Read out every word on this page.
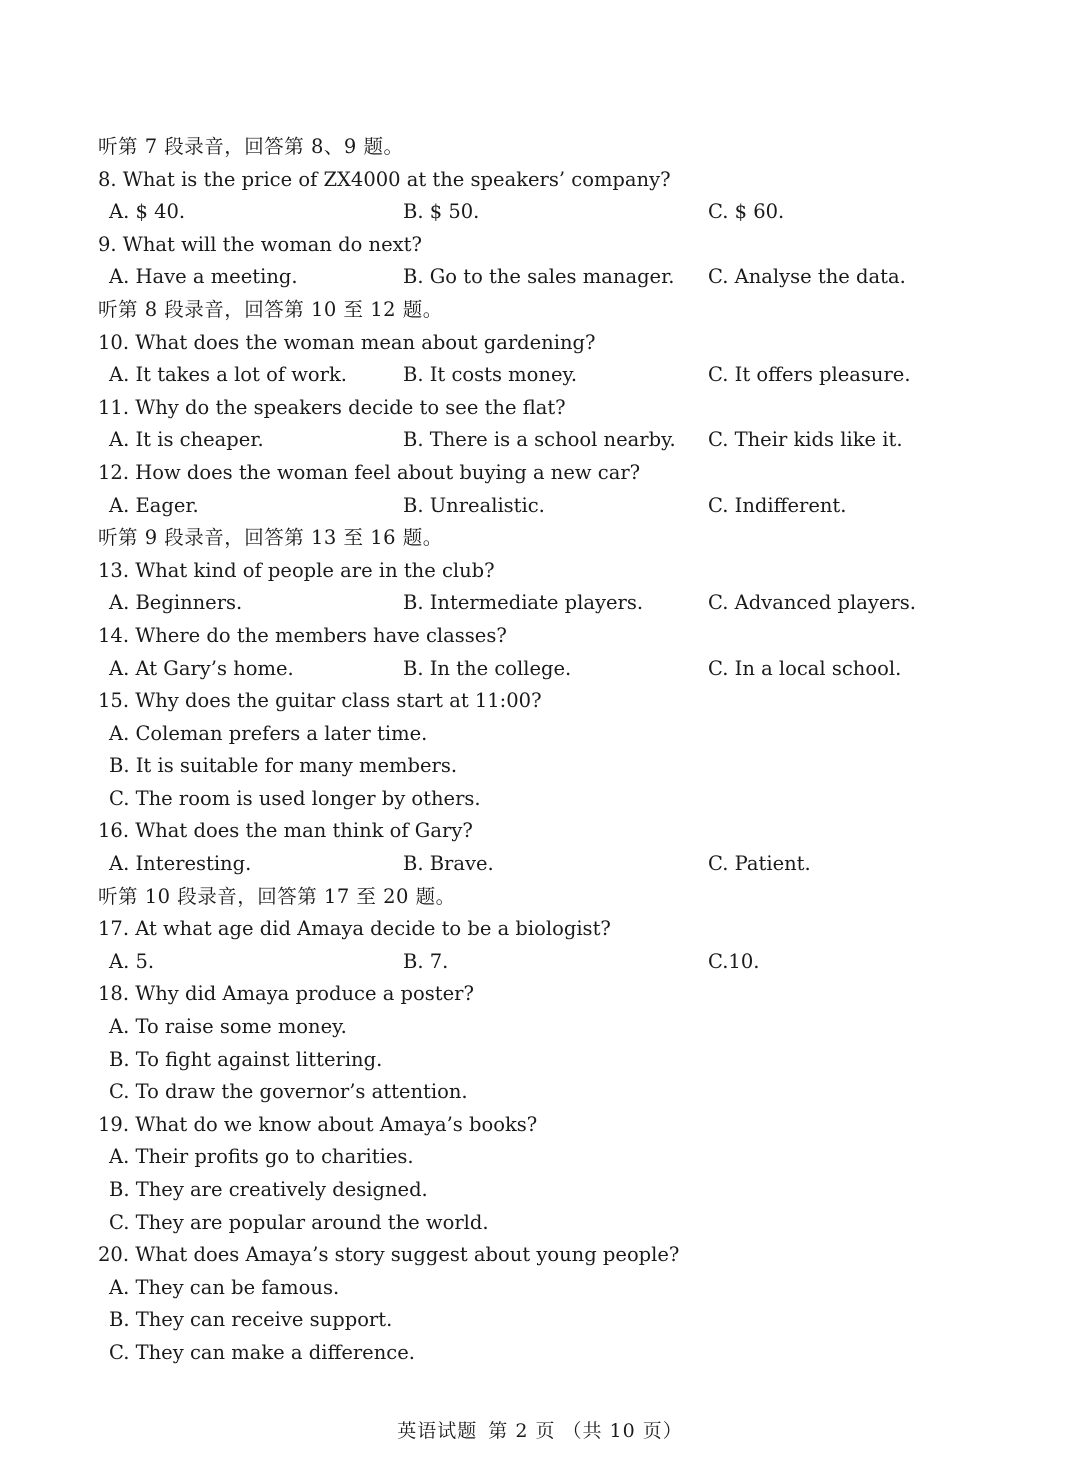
听第 7 段录音，回答第 8、9 题。
8. What is the price of ZX4000 at the speakers’ company?
A. $ 40.	B. $ 50.	C. $ 60.
9. What will the woman do next?
A. Have a meeting.	B. Go to the sales manager. C. Analyse the data.
听第 8 段录音，回答第 10 至 12 题。
10. What does the woman mean about gardening?
A. It takes a lot of work.	B. It costs money.	C. It offers pleasure.
11. Why do the speakers decide to see the flat?
A. It is cheaper.	B. There is a school nearby. C. Their kids like it.
12. How does the woman feel about buying a new car?
A. Eager.	B. Unrealistic.	C. Indifferent.
听第 9 段录音，回答第 13 至 16 题。
13. What kind of people are in the club?
A. Beginners.	B. Intermediate players.	C. Advanced players.
14. Where do the members have classes?
A. At Gary’s home.	B. In the college.	C. In a local school.
15. Why does the guitar class start at 11:00?
A. Coleman prefers a later time.
B. It is suitable for many members.
C. The room is used longer by others.
16. What does the man think of Gary?
A. Interesting.	B. Brave.	C. Patient.
听第 10 段录音，回答第 17 至 20 题。
17. At what age did Amaya decide to be a biologist?
A. 5.	B. 7.	C.10.
18. Why did Amaya produce a poster?
A. To raise some money.
B. To fight against littering.
C. To draw the governor’s attention.
19. What do we know about Amaya’s books?
A. Their profits go to charities.
B. They are creatively designed.
C. They are popular around the world.
20. What does Amaya’s story suggest about young people?
A. They can be famous.
B. They can receive support.
C. They can make a difference.
英语试题 第 2 页 （共 10 页）
